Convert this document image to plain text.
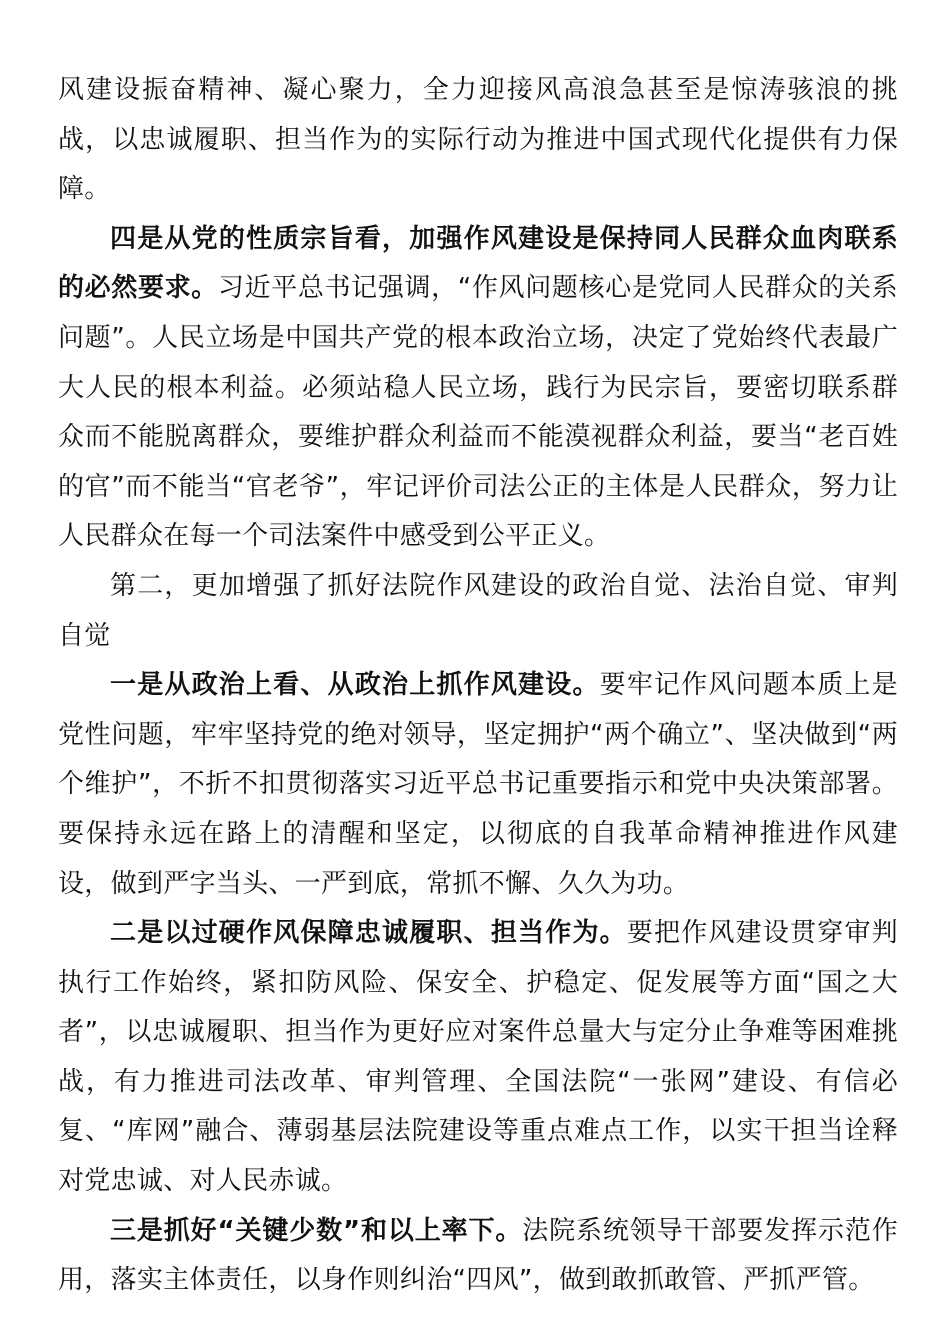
风建设振奋精神、凝心聚力，全力迎接风高浪急甚至是惊涛骇浪的挑战，以忠诚履职、担当作为的实际行动为推进中国式现代化提供有力保障。

四是从党的性质宗旨看，加强作风建设是保持同人民群众血肉联系的必然要求。习近平总书记强调，“作风问题核心是党同人民群众的关系问题”。人民立场是中国共产党的根本政治立场，决定了党始终代表最广大人民的根本利益。必须站稳人民立场，践行为民宗旨，要密切联系群众而不能脱离群众，要维护群众利益而不能漠视群众利益，要当“老百姓的官”而不能当“官老爷”，牢记评价司法公正的主体是人民群众，努力让人民群众在每一个司法案件中感受到公平正义。

第二，更加增强了抓好法院作风建设的政治自觉、法治自觉、审判自觉

一是从政治上看、从政治上抓作风建设。要牢记作风问题本质上是党性问题，牢牢坚持党的绝对领导，坚定拥护“两个确立”、坚决做到“两个维护”，不折不扣贯彻落实习近平总书记重要指示和党中央决策部署。要保持永远在路上的清醒和坚定，以彻底的自我革命精神推进作风建设，做到严字当头、一严到底，常抓不懈、久久为功。

二是以过硬作风保障忠诚履职、担当作为。要把作风建设贯穿审判执行工作始终，紧扣防风险、保安全、护稳定、促发展等方面“国之大者”，以忠诚履职、担当作为更好应对案件总量大与定分止争难等困难挑战，有力推进司法改革、审判管理、全国法院“一张网”建设、有信必复、“库网”融合、薄弱基层法院建设等重点难点工作，以实干担当诠释对党忠诚、对人民赤诚。

三是抓好“关键少数”和以上率下。法院系统领导干部要发挥示范作用，落实主体责任，以身作则纠治“四风”，做到敢抓敢管、严抓严管。
